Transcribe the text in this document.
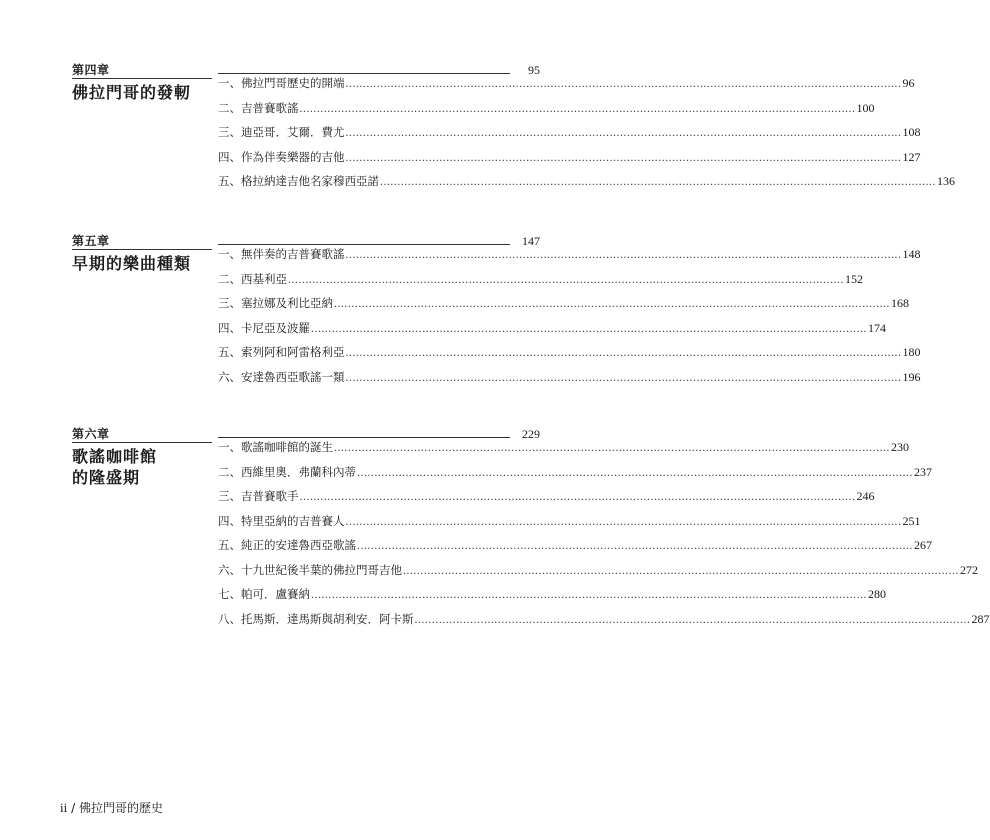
第四章
佛拉門哥的發軔
95
一、佛拉門哥歷史的開端 ................................................................................................................................................................ 96
二、吉普賽歌謠 ................................................................................................................................................................ 100
三、迪亞哥．艾爾．費尤 ................................................................................................................................................................ 108
四、作為伴奏樂器的吉他 ................................................................................................................................................................ 127
五、格拉納達吉他名家穆西亞諾 ................................................................................................................................................................ 136
第五章
早期的樂曲種類
147
一、無伴奏的吉普賽歌謠 ................................................................................................................................................................ 148
二、西基利亞 ................................................................................................................................................................ 152
三、塞拉娜及利比亞納 ................................................................................................................................................................ 168
四、卡尼亞及波羅 ................................................................................................................................................................ 174
五、索列阿和阿雷格利亞 ................................................................................................................................................................ 180
六、安達魯西亞歌謠一類 ................................................................................................................................................................ 196
第六章
歌謠咖啡館的隆盛期
229
一、歌謠咖啡館的誕生 ................................................................................................................................................................ 230
二、西維里奧．弗蘭科內蒂 ................................................................................................................................................................ 237
三、吉普賽歌手 ................................................................................................................................................................ 246
四、特里亞納的吉普賽人 ................................................................................................................................................................ 251
五、純正的安達魯西亞歌謠 ................................................................................................................................................................ 267
六、十九世紀後半葉的佛拉門哥吉他 ................................................................................................................................................................ 272
七、帕可．盧賽納 ................................................................................................................................................................ 280
八、托馬斯．達馬斯與胡利安．阿卡斯 ................................................................................................................................................................ 287
ii / 佛拉門哥的歷史
